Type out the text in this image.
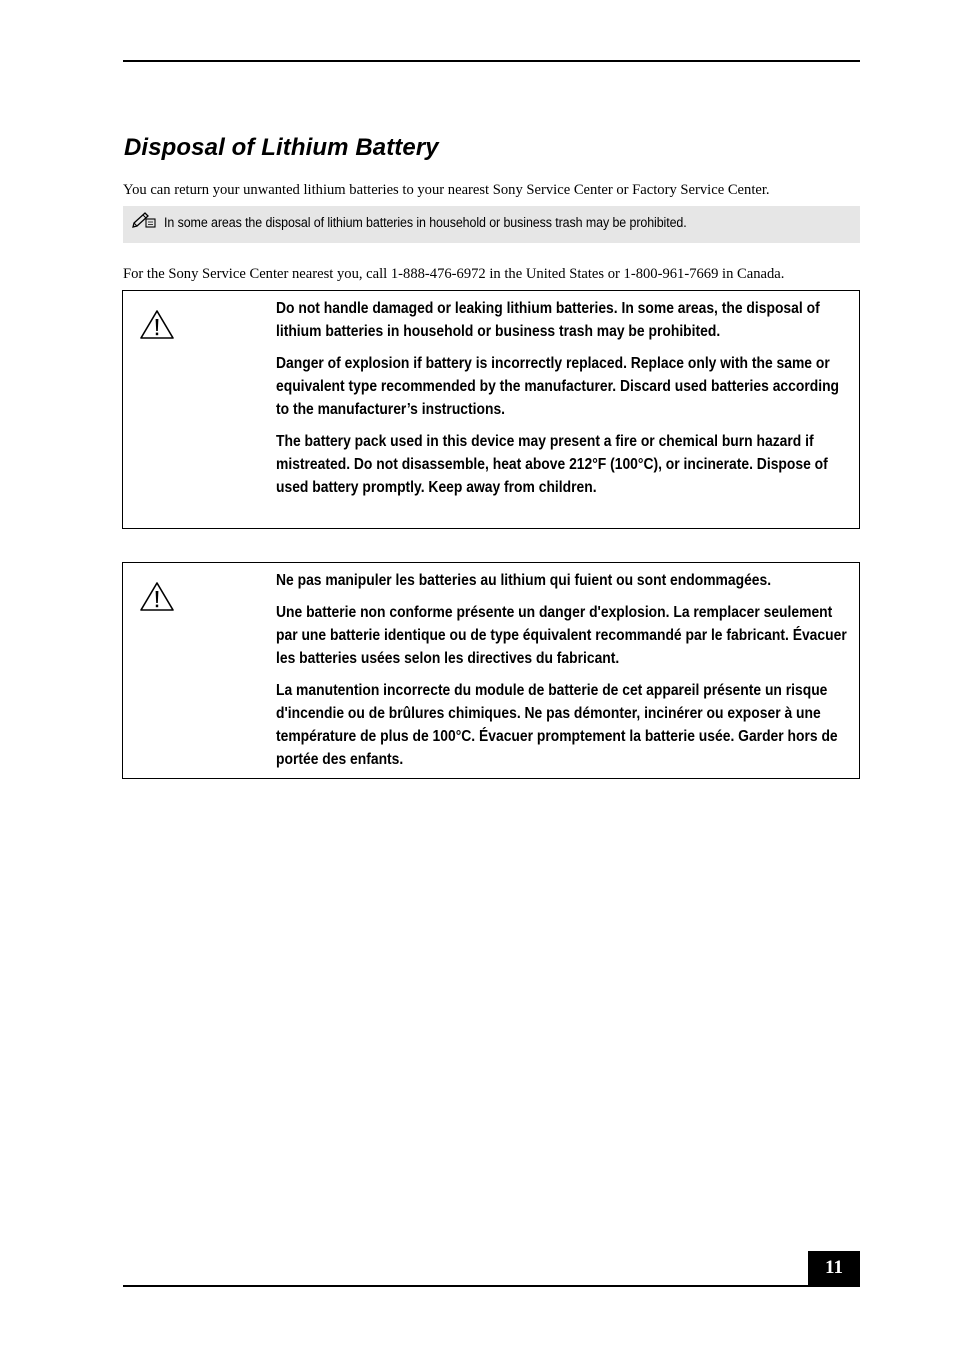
Disposal of Lithium Battery

You can return your unwanted lithium batteries to your nearest Sony Service Center or Factory Service Center.

In some areas the disposal of lithium batteries in household or business trash may be prohibited.

For the Sony Service Center nearest you, call 1-888-476-6972 in the United States or 1-800-961-7669 in Canada.

Do not handle damaged or leaking lithium batteries. In some areas, the disposal of lithium batteries in household or business trash may be prohibited.

Danger of explosion if battery is incorrectly replaced. Replace only with the same or equivalent type recommended by the manufacturer. Discard used batteries according to the manufacturer’s instructions.

The battery pack used in this device may present a fire or chemical burn hazard if mistreated. Do not disassemble, heat above 212°F (100°C), or incinerate. Dispose of used battery promptly. Keep away from children.

Ne pas manipuler les batteries au lithium qui fuient ou sont endommagées.

Une batterie non conforme présente un danger d'explosion. La remplacer seulement par une batterie identique ou de type équivalent recommandé par le fabricant. Évacuer les batteries usées selon les directives du fabricant.

La manutention incorrecte du module de batterie de cet appareil présente un risque d'incendie ou de brûlures chimiques. Ne pas démonter, incinérer ou exposer à une température de plus de 100°C. Évacuer promptement la batterie usée. Garder hors de portée des enfants.

11
